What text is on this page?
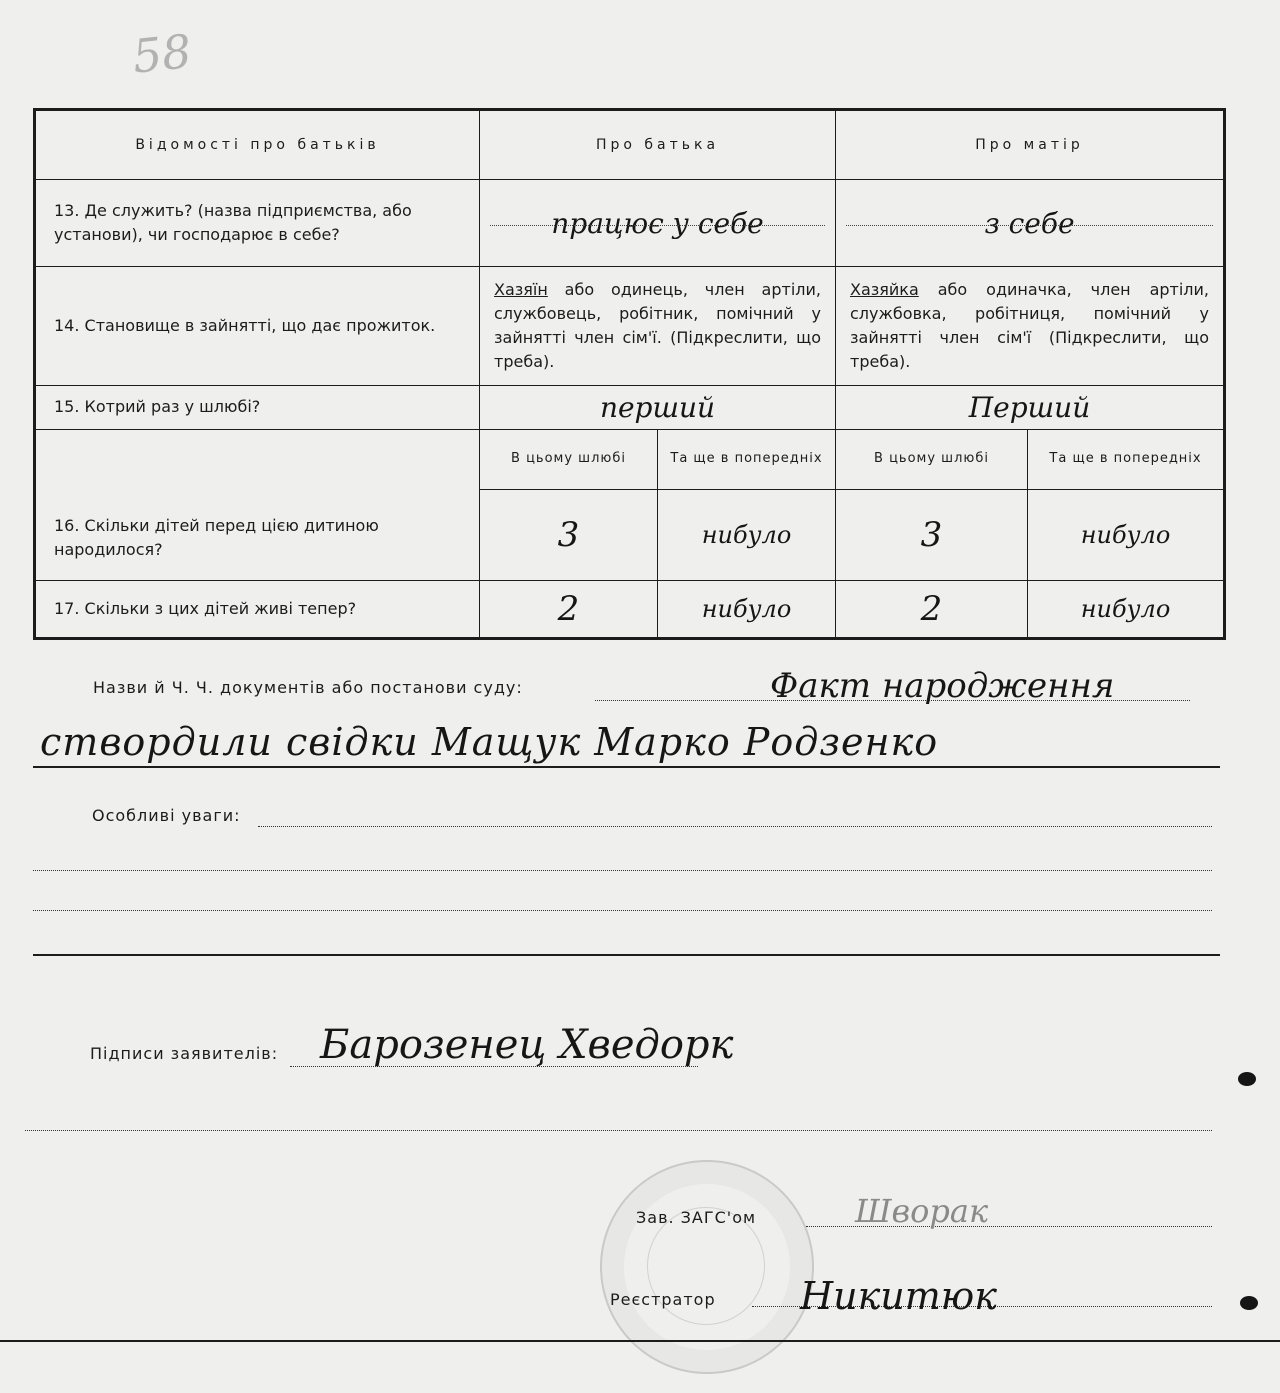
58
Відомості про батьків	Про батька		Про матір	
13. Де служить? (назва підприємства, або установи), чи господарює в себе?	працює у себе		з себе	

14. Становище в зайнятті, що дає прожиток.	Хазяїн або одинець, член артіли, службовець, робітник, помічний у зайнятті член сім'ї. (Підкреслити, що треба).		Хазяйка або одиначка, член артіли, службовка, робітниця, помічний у зайнятті член сім'ї (Підкреслити, що треба).	
15. Котрий раз у шлюбі?	перший		Перший	
16. Скільки дітей перед цією дитиною народилося?	В цьому шлюбі	Та ще в попередніх	В цьому шлюбі	Та ще в попередніх
	3	нибуло	3	нибуло
17. Скільки з цих дітей живі тепер?	2	нибуло	2	нибуло
Назви й Ч. Ч. документів або постанови суду:	Факт народження
створдили свідки Мащук Марко Родзенко
Особливі уваги:
Підписи заявителів: Барозенец Хведорк
Зав. ЗАГС'ом	Шворак
Реєстратор Никитюк
